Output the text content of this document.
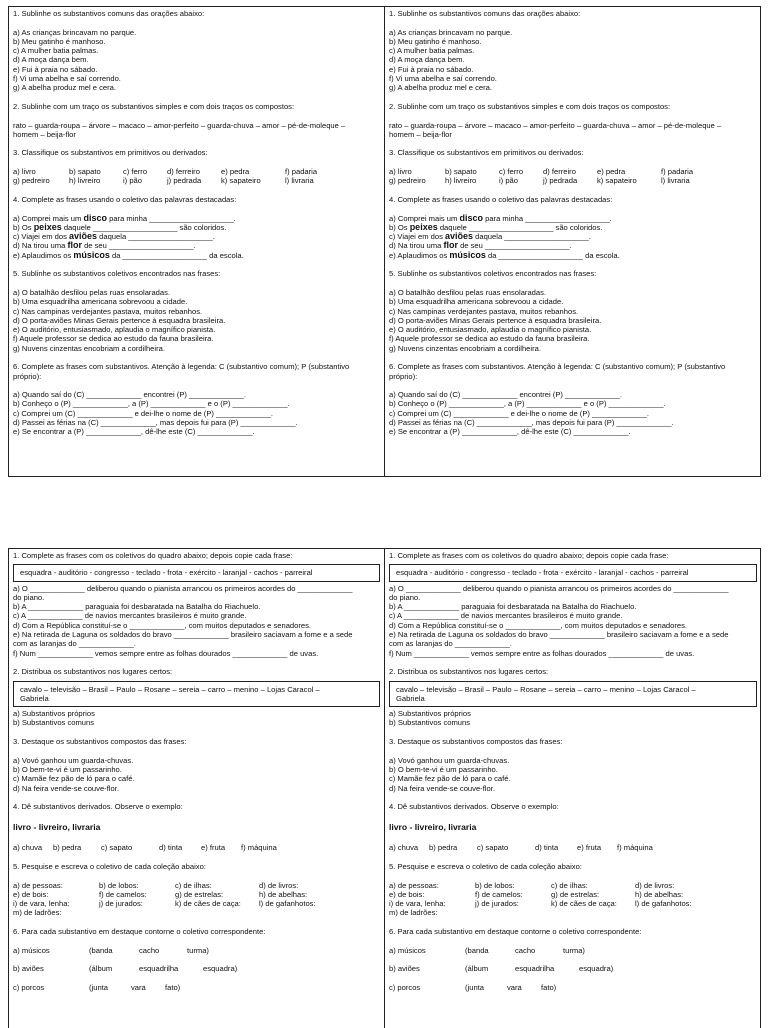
1. Sublinhe os substantivos comuns das orações abaixo:
a) As crianças brincavam no parque.
b) Meu gatinho é manhoso.
c) A mulher batia palmas.
d) A moça dança bem.
e) Fui à praia no sábado.
f) Vi uma abelha e saí correndo.
g) A abelha produz mel e cera.
2. Sublinhe com um traço os substantivos simples e com dois traços os compostos:
rato – guarda-roupa – árvore – macaco – amor-perfeito – guarda-chuva – amor – pé-de-moleque –
homem – beija-flor
3. Classifique os substantivos em primitivos ou derivados:
a) livro	b) sapato	c) ferro	d) ferreiro	e) pedra	f) padaria
g) pedreiro	h) livreiro	i) pão	j) pedrada	k) sapateiro	l) livraria
4. Complete as frases usando o coletivo das palavras destacadas:
a) Comprei mais um disco para minha ____________________.
b) Os peixes daquele ____________________ são coloridos.
c) Viajei em dos aviões daquela ____________________.
d) Na tirou uma flor de seu ____________________.
e) Aplaudimos os músicos da ____________________ da escola.
5. Sublinhe os substantivos coletivos encontrados nas frases:
a) O batalhão desfilou pelas ruas ensolaradas.
b) Uma esquadrilha americana sobrevoou a cidade.
c) Nas campinas verdejantes pastava, muitos rebanhos.
d) O porta-aviões Minas Gerais pertence à esquadra brasileira.
e) O auditório, entusiasmado, aplaudia o magnífico pianista.
f) Aquele professor se dedica ao estudo da fauna brasileira.
g) Nuvens cinzentas encobriam a cordilheira.
6. Complete as frases com substantivos. Atenção à legenda: C (substantivo comum); P (substantivo
próprio):
a) Quando saí do (C) _____________ encontrei (P) _____________.
b) Conheço o (P) _____________, a (P) _____________ e o (P) _____________.
c) Comprei um (C) _____________ e dei-lhe o nome de (P) _____________.
d) Passei as férias na (C) _____________, mas depois fui para (P) _____________.
e) Se encontrar a (P) _____________, dê-lhe este (C) _____________.
1. Sublinhe os substantivos comuns das orações abaixo:
a) As crianças brincavam no parque.
b) Meu gatinho é manhoso.
c) A mulher batia palmas.
d) A moça dança bem.
e) Fui à praia no sábado.
f) Vi uma abelha e saí correndo.
g) A abelha produz mel e cera.
2. Sublinhe com um traço os substantivos simples e com dois traços os compostos:
rato – guarda-roupa – árvore – macaco – amor-perfeito – guarda-chuva – amor – pé-de-moleque –
homem – beija-flor
3. Classifique os substantivos em primitivos ou derivados:
a) livro	b) sapato	c) ferro	d) ferreiro	e) pedra	f) padaria
g) pedreiro	h) livreiro	i) pão	j) pedrada	k) sapateiro	l) livraria
4. Complete as frases usando o coletivo das palavras destacadas:
a) Comprei mais um disco para minha ____________________.
b) Os peixes daquele ____________________ são coloridos.
c) Viajei em dos aviões daquela ____________________.
d) Na tirou uma flor de seu ____________________.
e) Aplaudimos os músicos da ____________________ da escola.
5. Sublinhe os substantivos coletivos encontrados nas frases:
a) O batalhão desfilou pelas ruas ensolaradas.
b) Uma esquadrilha americana sobrevoou a cidade.
c) Nas campinas verdejantes pastava, muitos rebanhos.
d) O porta-aviões Minas Gerais pertence à esquadra brasileira.
e) O auditório, entusiasmado, aplaudia o magnífico pianista.
f) Aquele professor se dedica ao estudo da fauna brasileira.
g) Nuvens cinzentas encobriam a cordilheira.
6. Complete as frases com substantivos. Atenção à legenda: C (substantivo comum); P (substantivo
próprio):
a) Quando saí do (C) _____________ encontrei (P) _____________.
b) Conheço o (P) _____________, a (P) _____________ e o (P) _____________.
c) Comprei um (C) _____________ e dei-lhe o nome de (P) _____________.
d) Passei as férias na (C) _____________, mas depois fui para (P) _____________.
e) Se encontrar a (P) _____________, dê-lhe este (C) _____________.
1. Complete as frases com os coletivos do quadro abaixo; depois copie cada frase:
esquadra - auditório - congresso - teclado - frota - exército - laranjal - cachos - parreiral
a) O _____________ deliberou quando o pianista arrancou os primeiros acordes do _____________
do piano.
b) A _____________ paraguaia foi desbaratada na Batalha do Riachuelo.
c) A _____________ de navios mercantes brasileiros é muito grande.
d) Com a República constituí-se o _____________, com muitos deputados e senadores.
e) Na retirada de Laguna os soldados do bravo _____________ brasileiro saciavam a fome e a sede
com as laranjas do _____________.
f) Num _____________ vemos sempre entre as folhas dourados _____________ de uvas.
2. Distribua os substantivos nos lugares certos:
cavalo – televisão – Brasil – Paulo – Rosane – sereia – carro – menino – Lojas Caracol –
Gabriela
a) Substantivos próprios
b) Substantivos comuns
3. Destaque os substantivos compostos das frases:
a) Vovó ganhou um guarda-chuvas.
b) O bem-te-vi é um passarinho.
c) Mamãe fez pão de ló para o café.
d) Na feira vende-se couve-flor.
4. Dê substantivos derivados. Observe o exemplo:
livro - livreiro, livraria
a) chuva	b) pedra	c) sapato	d) tinta	e) fruta	f) máquina
5. Pesquise e escreva o coletivo de cada coleção abaixo:
a) de pessoas:	b) de lobos:	c) de ilhas:	d) de livros:
e) de bois:	f) de camelos:	g) de estrelas:	h) de abelhas:
i) de vara, lenha:	j) de jurados:	k) de cães de caça:	l) de gafanhotos:
m) de ladrões:
6. Para cada substantivo em destaque contorne o coletivo correspondente:
a) músicos	(banda	cacho	turma)
b) aviões	(álbum	esquadrilha	esquadra)
c) porcos	(junta	vara	fato)
1. Complete as frases com os coletivos do quadro abaixo; depois copie cada frase:
esquadra - auditório - congresso - teclado - frota - exército - laranjal - cachos - parreiral
a) O _____________ deliberou quando o pianista arrancou os primeiros acordes do _____________
do piano.
b) A _____________ paraguaia foi desbaratada na Batalha do Riachuelo.
c) A _____________ de navios mercantes brasileiros é muito grande.
d) Com a República constituí-se o _____________, com muitos deputados e senadores.
e) Na retirada de Laguna os soldados do bravo _____________ brasileiro saciavam a fome e a sede
com as laranjas do _____________.
f) Num _____________ vemos sempre entre as folhas dourados _____________ de uvas.
2. Distribua os substantivos nos lugares certos:
cavalo – televisão – Brasil – Paulo – Rosane – sereia – carro – menino – Lojas Caracol –
Gabriela
a) Substantivos próprios
b) Substantivos comuns
3. Destaque os substantivos compostos das frases:
a) Vovó ganhou um guarda-chuvas.
b) O bem-te-vi é um passarinho.
c) Mamãe fez pão de ló para o café.
d) Na feira vende-se couve-flor.
4. Dê substantivos derivados. Observe o exemplo:
livro - livreiro, livraria
a) chuva	b) pedra	c) sapato	d) tinta	e) fruta	f) máquina
5. Pesquise e escreva o coletivo de cada coleção abaixo:
a) de pessoas:	b) de lobos:	c) de ilhas:	d) de livros:
e) de bois:	f) de camelos:	g) de estrelas:	h) de abelhas:
i) de vara, lenha:	j) de jurados:	k) de cães de caça:	l) de gafanhotos:
m) de ladrões:
6. Para cada substantivo em destaque contorne o coletivo correspondente:
a) músicos	(banda	cacho	turma)
b) aviões	(álbum	esquadrilha	esquadra)
c) porcos	(junta	vara	fato)
